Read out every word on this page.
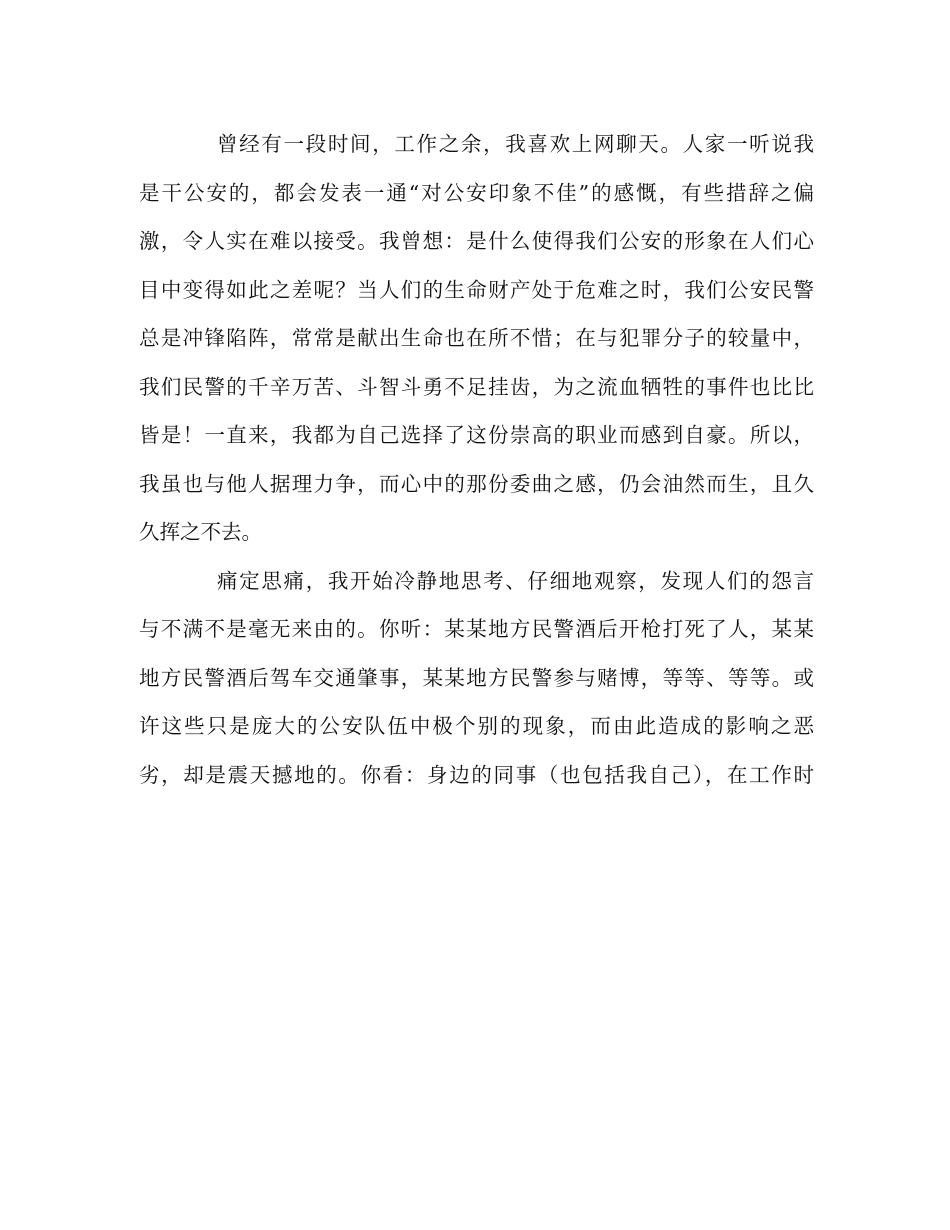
曾经有一段时间，工作之余，我喜欢上网聊天。人家一听说我
是干公安的，都会发表一通“对公安印象不佳”的感慨，有些措辞之偏
激，令人实在难以接受。我曾想：是什么使得我们公安的形象在人们心
目中变得如此之差呢？当人们的生命财产处于危难之时，我们公安民警
总是冲锋陷阵，常常是献出生命也在所不惜；在与犯罪分子的较量中，
我们民警的千辛万苦、斗智斗勇不足挂齿，为之流血牺牲的事件也比比
皆是！一直来，我都为自己选择了这份崇高的职业而感到自豪。所以，
我虽也与他人据理力争，而心中的那份委曲之感，仍会油然而生，且久
久挥之不去。
痛定思痛，我开始冷静地思考、仔细地观察，发现人们的怨言
与不满不是毫无来由的。你听：某某地方民警酒后开枪打死了人，某某
地方民警酒后驾车交通肇事，某某地方民警参与赌博，等等、等等。或
许这些只是庞大的公安队伍中极个别的现象，而由此造成的影响之恶
劣，却是震天撼地的。你看：身边的同事（也包括我自己），在工作时
